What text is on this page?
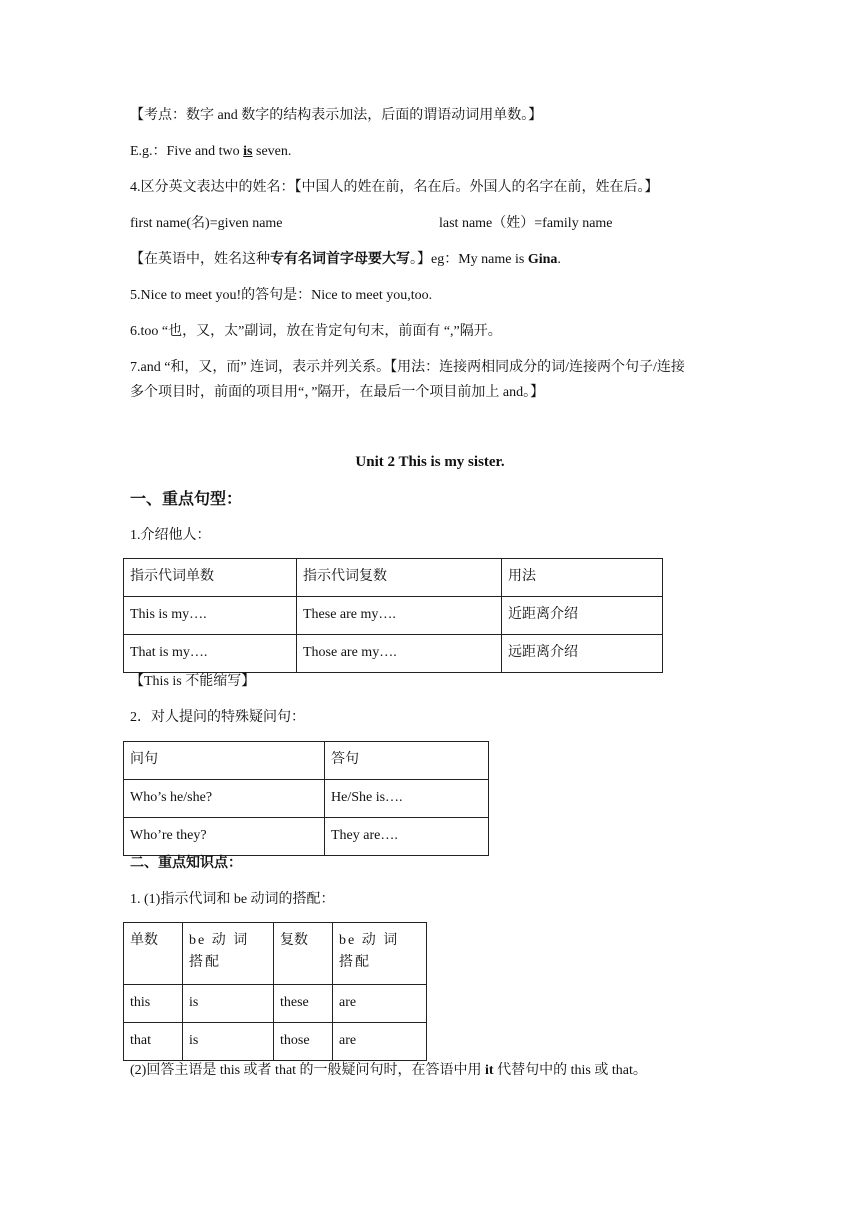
【考点：数字 and 数字的结构表示加法，后面的谓语动词用单数。】
E.g.：Five and two is seven.
4.区分英文表达中的姓名：【中国人的姓在前，名在后。外国人的名字在前，姓在后。】
first name(名)=given name	last name（姓）=family name
【在英语中，姓名这种专有名词首字母要大写。】eg：My name is Gina.
5.Nice to meet you!的答句是：Nice to meet you,too.
6.too “也，又，太”副词，放在肯定句句末，前面有 “,”隔开。
7.and “和，又，而” 连词，表示并列关系。【用法：连接两相同成分的词/连接两个句子/连接
多个项目时，前面的项目用“，”隔开，在最后一个项目前加上 and。】
Unit 2 This is my sister.
一、重点句型：
1.介绍他人：
指示代词单数	指示代词复数	用法
This is my….	These are my….	近距离介绍
That is my….	Those are my….	远距离介绍
【This is 不能缩写】
2．对人提问的特殊疑问句：
问句	答句
Who’s he/she?	He/She is….
Who’re they?	They are….
二、重点知识点：
1. (1)指示代词和 be 动词的搭配：
单数	be 动 词 搭配	复数	be 动 词 搭配
this	is	these	are
that	is	those	are
(2)回答主语是 this 或者 that 的一般疑问句时，在答语中用 it 代替句中的 this 或 that。
